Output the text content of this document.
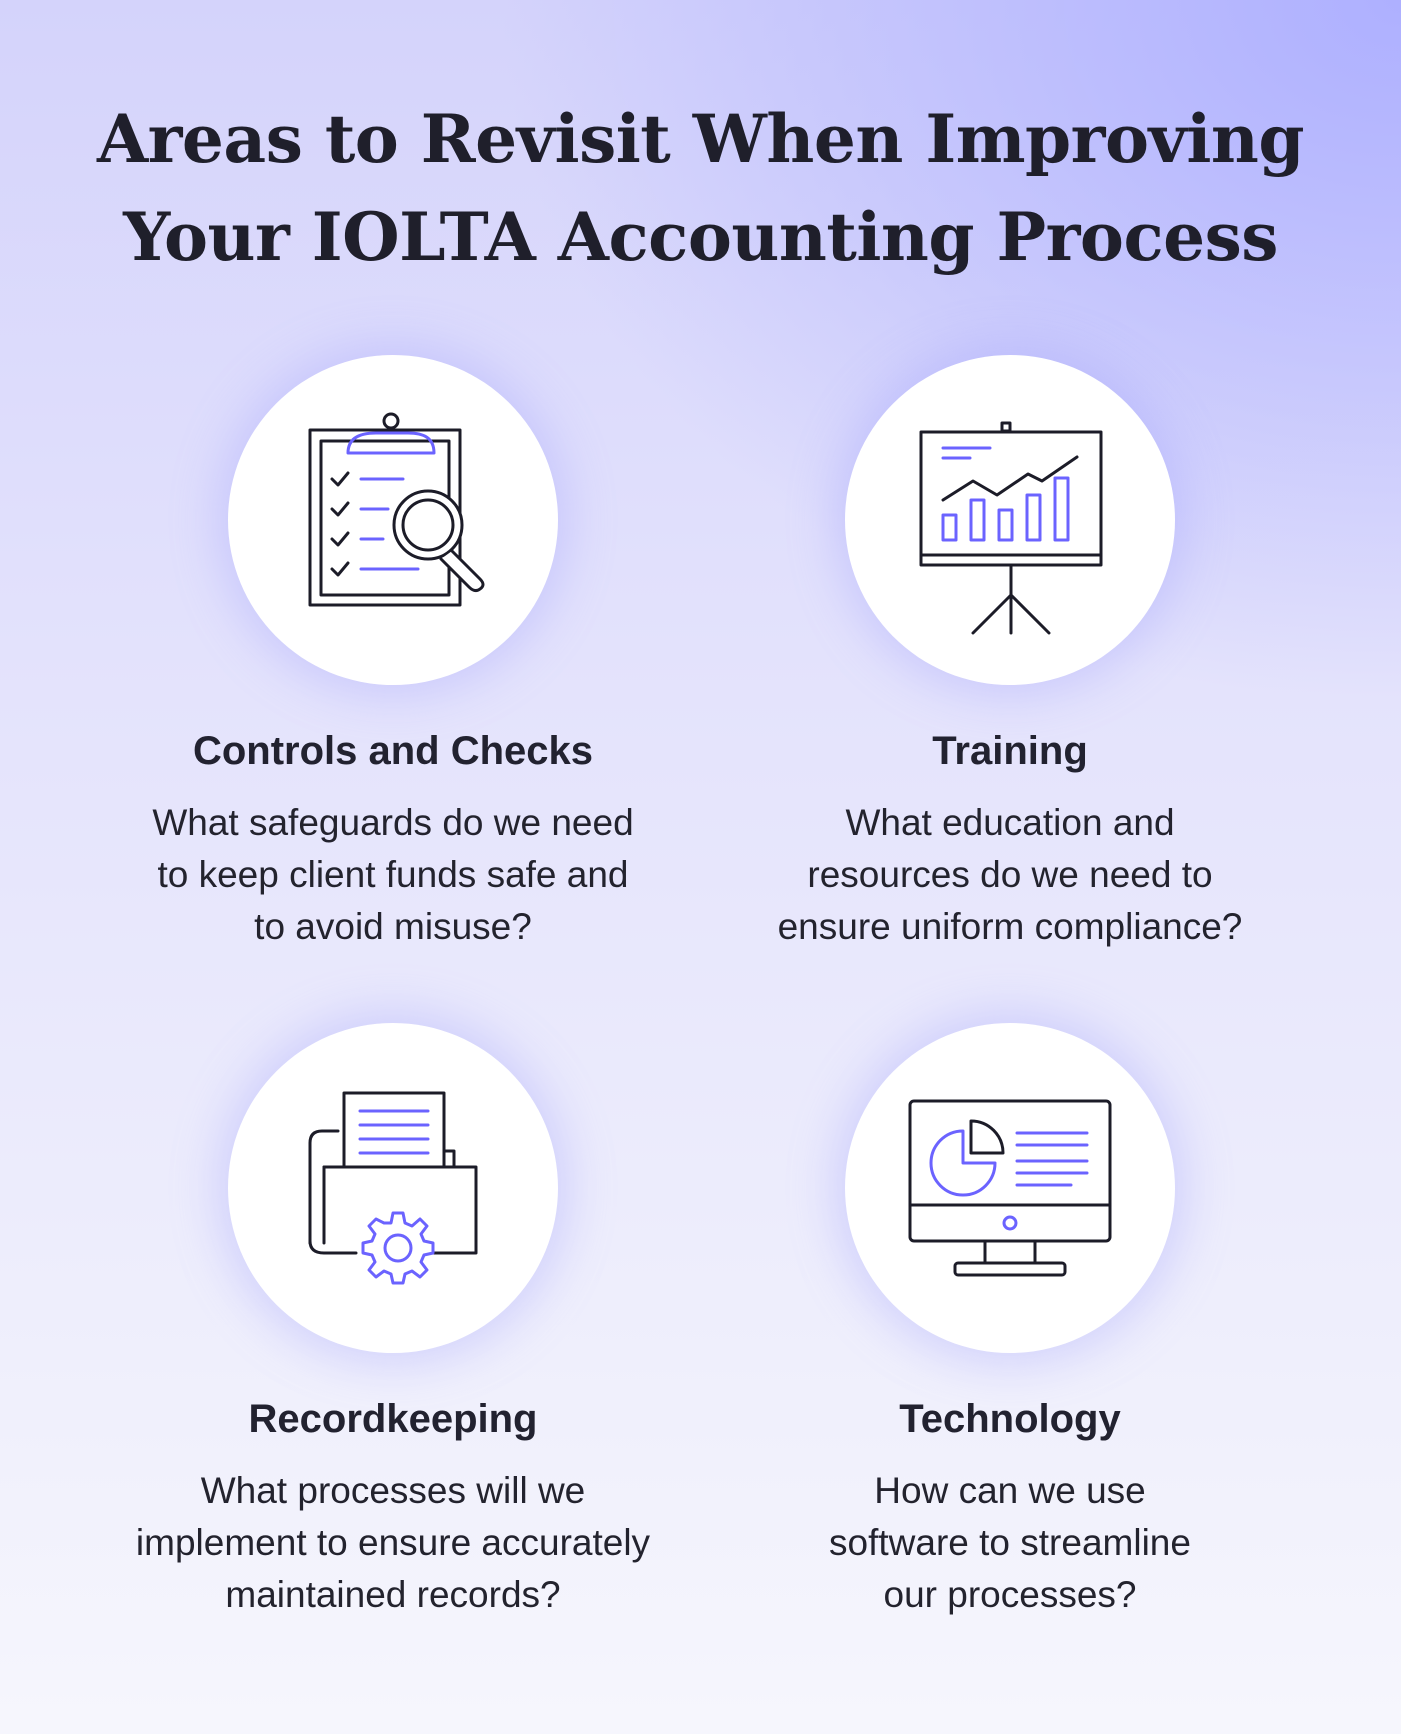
Areas to Revisit When Improving
Your IOLTA Accounting Process
Controls and Checks
What safeguards do we need
to keep client funds safe and
to avoid misuse?
Training
What education and
resources do we need to
ensure uniform compliance?
Recordkeeping
What processes will we
implement to ensure accurately
maintained records?
Technology
How can we use
software to streamline
our processes?
